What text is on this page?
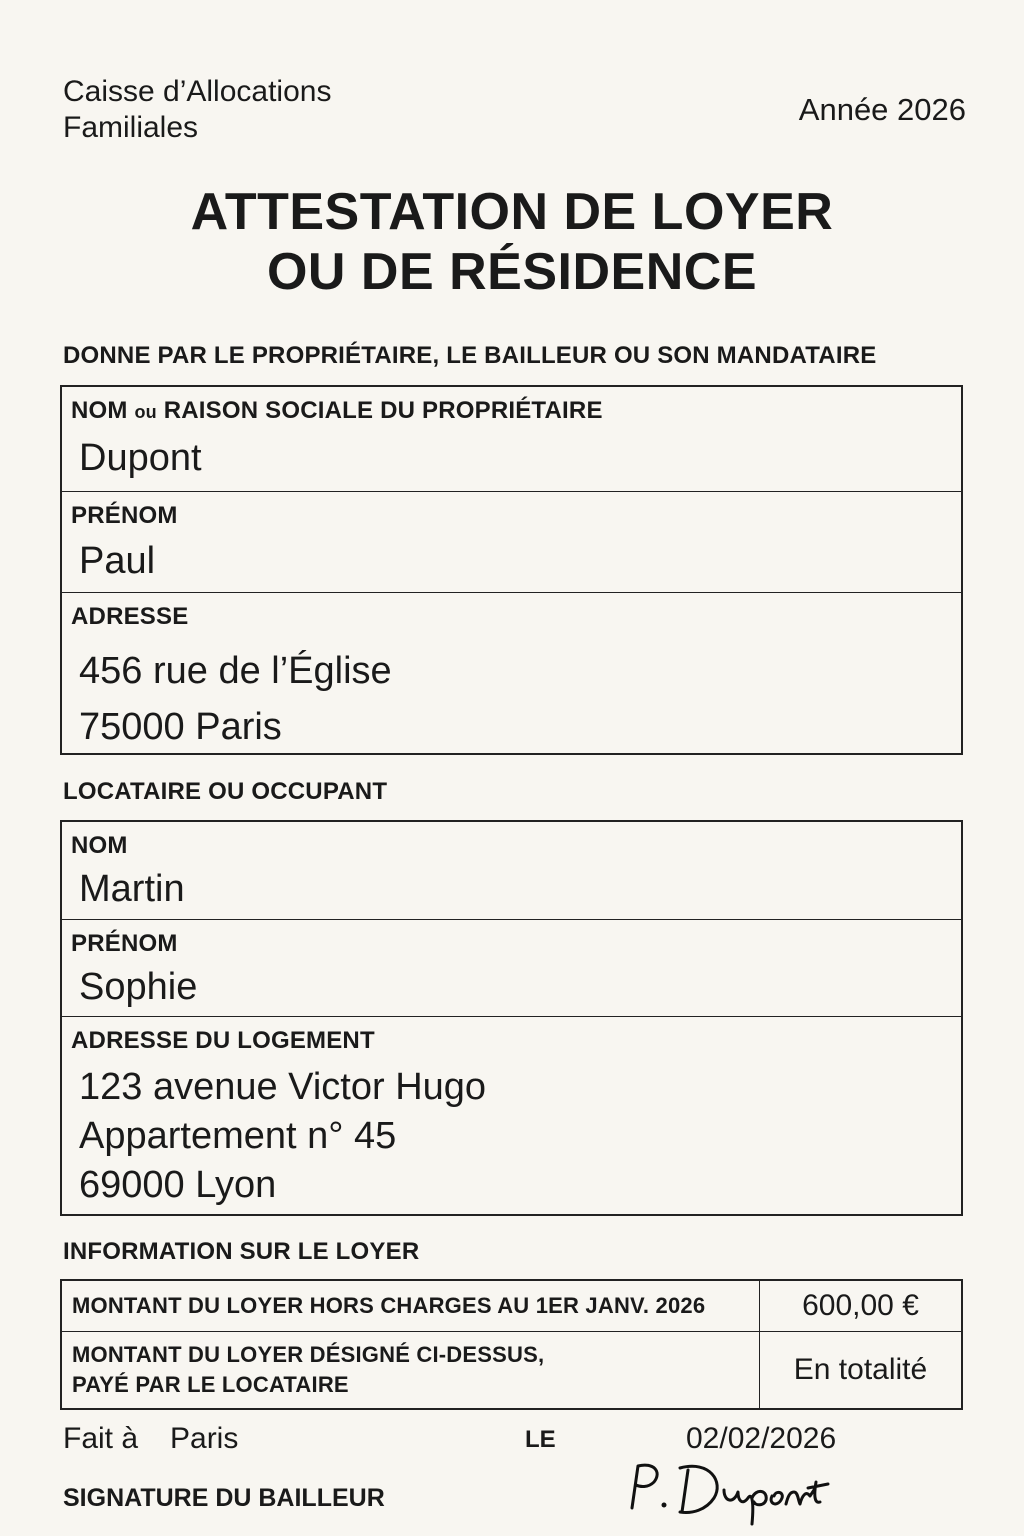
Caisse d’Allocations
Familiales
Année 2026
ATTESTATION DE LOYER
OU DE RÉSIDENCE
DONNE PAR LE PROPRIÉTAIRE, LE BAILLEUR OU SON MANDATAIRE
NOM ou RAISON SOCIALE DU PROPRIÉTAIRE
Dupont
PRÉNOM
Paul
ADRESSE
456 rue de l’Église
75000 Paris
LOCATAIRE OU OCCUPANT
NOM
Martin
PRÉNOM
Sophie
ADRESSE DU LOGEMENT
123 avenue Victor Hugo
Appartement n° 45
69000 Lyon
INFORMATION SUR LE LOYER
MONTANT DU LOYER HORS CHARGES AU 1ER JANV. 2026	600,00 €
MONTANT DU LOYER DÉSIGNÉ CI-DESSUS,
PAYÉ PAR LE LOCATAIRE	En totalité
Fait à Paris	LE	02/02/2026
SIGNATURE DU BAILLEUR
